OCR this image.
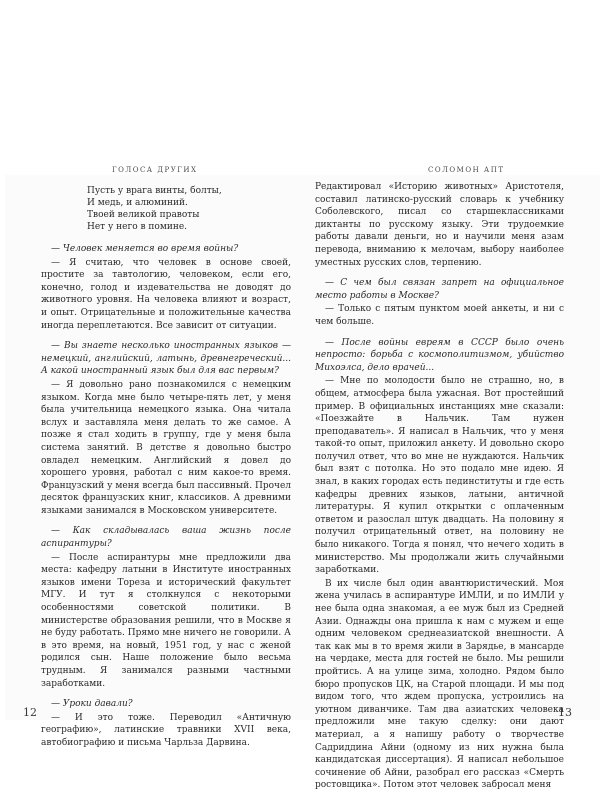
ГОЛОСА ДРУГИХ	СОЛОМОН АПТ
Пусть у врага винты, болты,
И медь, и алюминий.
Твоей великой правоты
Нет у него в помине.

— Человек меняется во время войны?

— Я считаю, что человек в основе своей, простите за тавтологию, человеком, если его, конечно, голод и издевательства не доводят до животного уровня. На человека влияют и возраст, и опыт. Отрицательные и положительные качества иногда переплетаются. Все зависит от ситуации.

— Вы знаете несколько иностранных языков — немецкий, английский, латынь, древнегреческий... А какой иностранный язык был для вас первым?

— Я довольно рано познакомился с немецким языком. Когда мне было четыре-пять лет, у меня была учительница немецкого языка. Она читала вслух и заставляла меня делать то же самое. А позже я стал ходить в группу, где у меня была система занятий. В детстве я довольно быстро овладел немецким. Английский я довел до хорошего уровня, работал с ним какое-то время. Французский у меня всегда был пассивный. Прочел десяток французских книг, классиков. А древними языками занимался в Московском университете.

— Как складывалась ваша жизнь после аспирантуры?

— После аспирантуры мне предложили два места: кафедру латыни в Институте иностранных языков имени Тореза и исторический факультет МГУ. И тут я столкнулся с некоторыми особенностями советской политики. В министерстве образования решили, что в Москве я не буду работать. Прямо мне ничего не говорили. А в это время, на новый, 1951 год, у нас с женой родился сын. Наше положение было весьма трудным. Я занимался разными частными заработками.

— Уроки давали?

— И это тоже. Переводил «Античную географию», латинские травники XVII века, автобиографию и письма Чарльза Дарвина.

Редактировал «Историю животных» Аристотеля, составил латинско-русский словарь к учебнику Соболевского, писал со старшеклассниками диктанты по русскому языку. Эти трудоемкие работы давали деньги, но и научили меня азам перевода, вниманию к мелочам, выбору наиболее уместных русских слов, терпению.

— С чем был связан запрет на официальное место работы в Москве?

— Только с пятым пунктом моей анкеты, и ни с чем больше.

— После войны евреям в СССР было очень непросто: борьба с космополитизмом, убийство Михоэлса, дело врачей...

— Мне по молодости было не страшно, но, в общем, атмосфера была ужасная. Вот простейший пример. В официальных инстанциях мне сказали: «Поезжайте в Нальчик. Там нужен преподаватель». Я написал в Нальчик, что у меня такой-то опыт, приложил анкету. И довольно скоро получил ответ, что во мне не нуждаются. Нальчик был взят с потолка. Но это подало мне идею. Я знал, в каких городах есть пединституты и где есть кафедры древних языков, латыни, античной литературы. Я купил открытки с оплаченным ответом и разослал штук двадцать. На половину я получил отрицательный ответ, на половину не было никакого. Тогда я понял, что нечего ходить в министерство. Мы продолжали жить случайными заработками.

В их числе был один авантюристический. Моя жена училась в аспирантуре ИМЛИ, и по ИМЛИ у нее была одна знакомая, а ее муж был из Средней Азии. Однажды она пришла к нам с мужем и еще одним человеком среднеазиатской внешности. А так как мы в то время жили в Зарядье, в мансарде на чердаке, места для гостей не было. Мы решили пройтись. А на улице зима, холодно. Рядом было бюро пропусков ЦК, на Старой площади. И мы под видом того, что ждем пропуска, устроились на уютном диванчике. Там два азиатских человека предложили мне такую сделку: они дают материал, а я напишу работу о творчестве Садриддина Айни (одному из них нужна была кандидатская диссертация). Я написал небольшое сочинение об Айни, разобрал его рассказ «Смерть ростовщика». Потом этот человек забросал меня

12	13
